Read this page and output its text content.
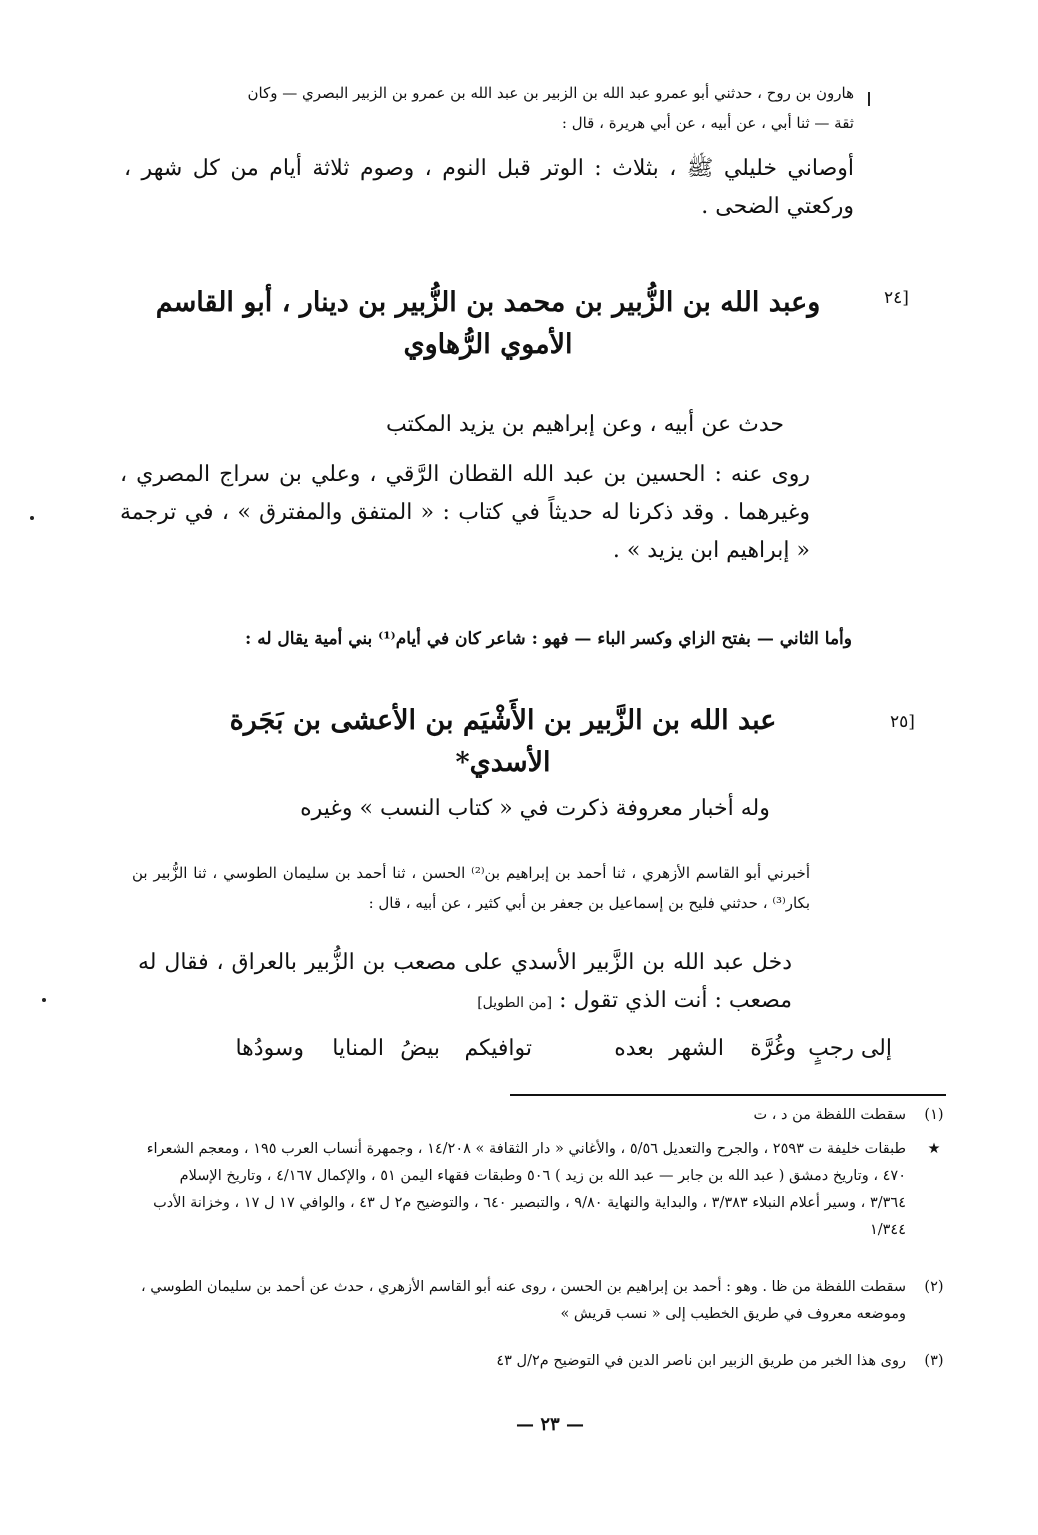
هارون بن روح ، حدثني أبو عمرو عبد الله بن الزبير بن عبد الله بن عمرو بن الزبير البصري — وكان
ثقة — ثنا أبي ، عن أبيه ، عن أبي هريرة ، قال :
أوصاني خليلي ﷺ ، بثلاث : الوتر قبل النوم ، وصوم ثلاثة أيام من كل شهر ، وركعتي الضحى .
[٢٤
وعبد الله بن الزُّبير بن محمد بن الزُّبير بن دينار ، أبو القاسم الأموي الرُّهاوي
حدث عن أبيه ، وعن إبراهيم بن يزيد المكتب
روى عنه : الحسين بن عبد الله القطان الرَّقي ، وعلي بن سراج المصري ، وغيرهما . وقد ذكرنا له حديثاً في كتاب : « المتفق والمفترق » ، في ترجمة « إبراهيم ابن يزيد » .
وأما الثاني — بفتح الزاي وكسر الباء — فهو : شاعر كان في أيام⁽¹⁾ بني أمية يقال له :
[٢٥
عبد الله بن الزَّبير بن الأَشْيَم بن الأعشى بن بَجَرة الأسدي*
وله أخبار معروفة ذكرت في « كتاب النسب » وغيره
أخبرني أبو القاسم الأزهري ، ثنا أحمد بن إبراهيم بن⁽²⁾ الحسن ، ثنا أحمد بن سليمان الطوسي ، ثنا الزُّبير بن بكار⁽³⁾ ، حدثني فليح بن إسماعيل بن جعفر بن أبي كثير ، عن أبيه ، قال :
دخل عبد الله بن الزَّبير الأسدي على مصعب بن الزُّبير بالعراق ، فقال له مصعب : أنت الذي تقول : [من الطويل]
إلى
رجبٍ
وغُرَّة
الشهر
بعده
توافيكم
بيضُ
المنايا
وسودُها
(١)
سقطت اللفظة من د ، ت
★
طبقات خليفة ت ٢٥٩٣ ، والجرح والتعديل ٥/٥٦ ، والأغاني « دار الثقافة » ١٤/٢٠٨ ، وجمهرة أنساب العرب ١٩٥ ، ومعجم الشعراء ٤٧٠ ، وتاريخ دمشق ( عبد الله بن جابر — عبد الله بن زيد ) ٥٠٦ وطبقات فقهاء اليمن ٥١ ، والإكمال ٤/١٦٧ ، وتاريخ الإسلام ٣/٣٦٤ ، وسير أعلام النبلاء ٣/٣٨٣ ، والبداية والنهاية ٩/٨٠ ، والتبصير ٦٤٠ ، والتوضيح م٢ ل ٤٣ ، والوافي ١٧ ل ١٧ ، وخزانة الأدب ١/٣٤٤
(٢)
سقطت اللفظة من ظا . وهو : أحمد بن إبراهيم بن الحسن ، روى عنه أبو القاسم الأزهري ، حدث عن أحمد بن سليمان الطوسي ، وموضعه معروف في طريق الخطيب إلى « نسب قريش »
(٣)
روى هذا الخبر من طريق الزبير ابن ناصر الدين في التوضيح م٢/ل ٤٣
— ٢٣ —
